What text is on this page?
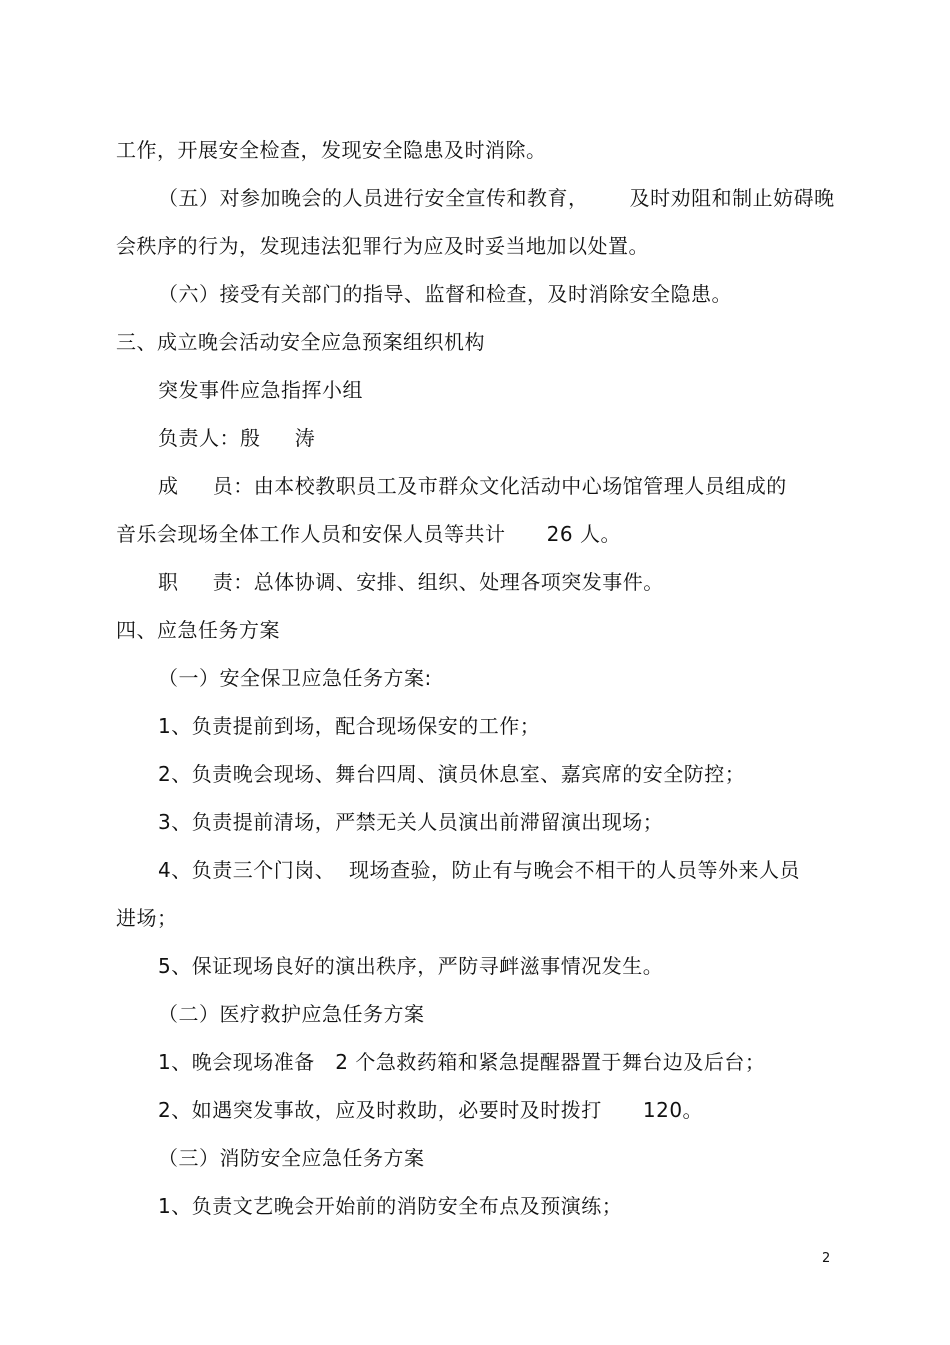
工作，开展安全检查，发现安全隐患及时消除。
（五）对参加晚会的人员进行安全宣传和教育，      及时劝阻和制止妨碍晚
会秩序的行为，发现违法犯罪行为应及时妥当地加以处置。
（六）接受有关部门的指导、监督和检查，及时消除安全隐患。
三、成立晚会活动安全应急预案组织机构
突发事件应急指挥小组
负责人：殷     涛
成     员：由本校教职员工及市群众文化活动中心场馆管理人员组成的
音乐会现场全体工作人员和安保人员等共计      26 人。
职     责：总体协调、安排、组织、处理各项突发事件。
四、应急任务方案
（一）安全保卫应急任务方案:
1、负责提前到场，配合现场保安的工作；
2、负责晚会现场、舞台四周、演员休息室、嘉宾席的安全防控；
3、负责提前清场，严禁无关人员演出前滞留演出现场；
4、负责三个门岗、  现场查验，防止有与晚会不相干的人员等外来人员
进场；
5、保证现场良好的演出秩序，严防寻衅滋事情况发生。
（二）医疗救护应急任务方案
1、晚会现场准备   2 个急救药箱和紧急提醒器置于舞台边及后台；
2、如遇突发事故，应及时救助，必要时及时拨打      120。
（三）消防安全应急任务方案
1、负责文艺晚会开始前的消防安全布点及预演练；
2
